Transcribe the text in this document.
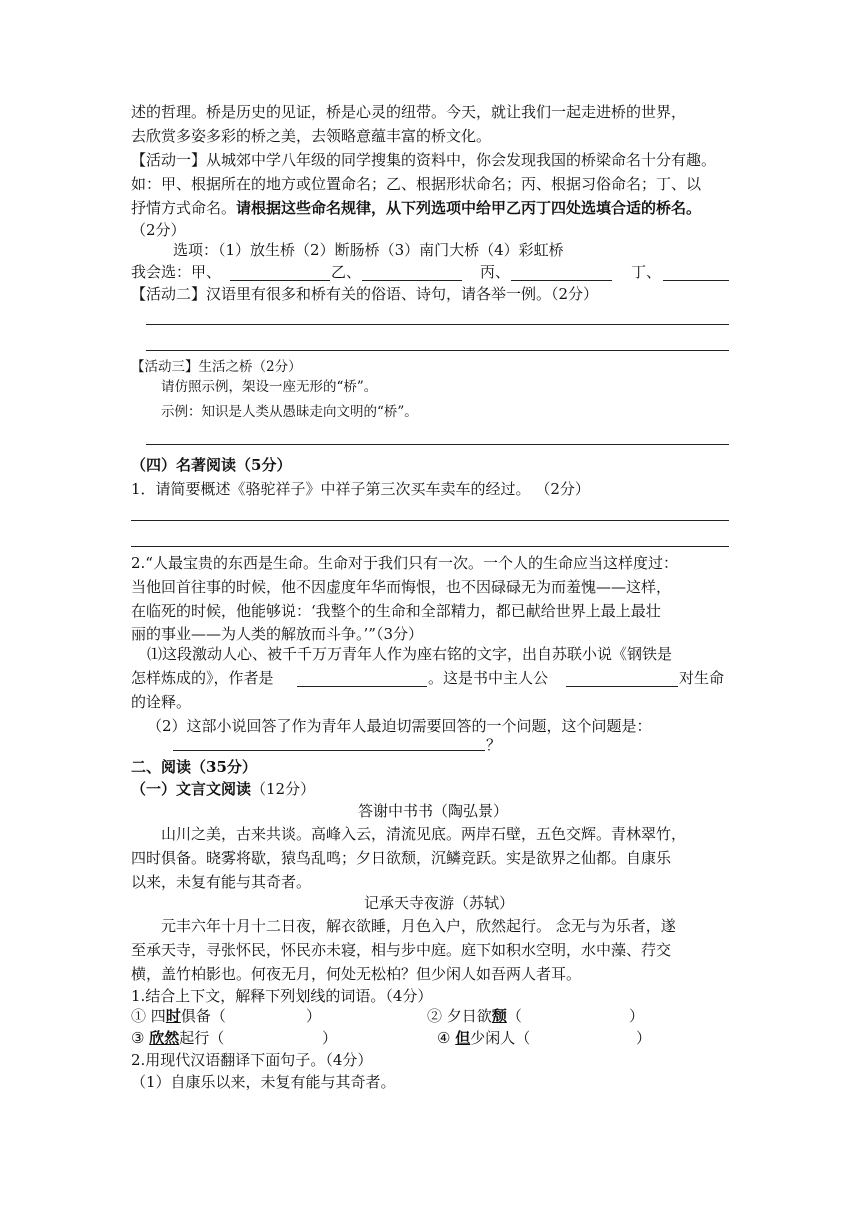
述的哲理。桥是历史的见证，桥是心灵的纽带。今天，就让我们一起走进桥的世界，
去欣赏多姿多彩的桥之美，去领略意蕴丰富的桥文化。
【活动一】从城郊中学八年级的同学搜集的资料中，你会发现我国的桥梁命名十分有趣。
如：甲、根据所在的地方或位置命名；乙、根据形状命名；丙、根据习俗命名；丁、以
抒情方式命名。请根据这些命名规律，从下列选项中给甲乙丙丁四处选填合适的桥名。
（2分）
选项：（1）放生桥（2）断肠桥（3）南门大桥（4）彩虹桥
我会选：甲、	乙、	丙、	丁、
【活动二】汉语里有很多和桥有关的俗语、诗句，请各举一例。（2分）
【活动三】生活之桥（2分）
请仿照示例，架设一座无形的“桥”。
示例：知识是人类从愚昧走向文明的“桥”。
（四）名著阅读（5分）
1．请简要概述《骆驼祥子》中祥子第三次买车卖车的经过。 （2分）
2.“人最宝贵的东西是生命。生命对于我们只有一次。一个人的生命应当这样度过：
当他回首往事的时候，他不因虚度年华而悔恨，也不因碌碌无为而羞愧——这样，
在临死的时候，他能够说：‘我整个的生命和全部精力，都已献给世界上最上最壮
丽的事业——为人类的解放而斗争。’”（3分）
⑴这段激动人心、被千千万万青年人作为座右铭的文字，出自苏联小说《钢铁是
怎样炼成的》，作者是	。这是书中主人公	对生命
的诠释。
（2）这部小说回答了作为青年人最迫切需要回答的一个问题，这个问题是：
？
二、阅读（35分）
（一）文言文阅读（12分）
答谢中书书（陶弘景）
山川之美，古来共谈。高峰入云，清流见底。两岸石壁，五色交辉。青林翠竹，
四时俱备。晓雾将歇，猿鸟乱鸣；夕日欲颓，沉鳞竞跃。实是欲界之仙都。自康乐
以来，未复有能与其奇者。
记承天寺夜游（苏轼）
元丰六年十月十二日夜，解衣欲睡，月色入户，欣然起行。 念无与为乐者，遂
至承天寺，寻张怀民，怀民亦未寝，相与步中庭。庭下如积水空明，水中藻、荇交
横，盖竹柏影也。何夜无月，何处无松柏？但少闲人如吾两人者耳。
1.结合上下文，解释下列划线的词语。（4分）
① 四时俱备（	）	② 夕日欲颓（	）
③ 欣然起行（	）	④ 但少闲人（	）
2.用现代汉语翻译下面句子。（4分）
（1）自康乐以来，未复有能与其奇者。
